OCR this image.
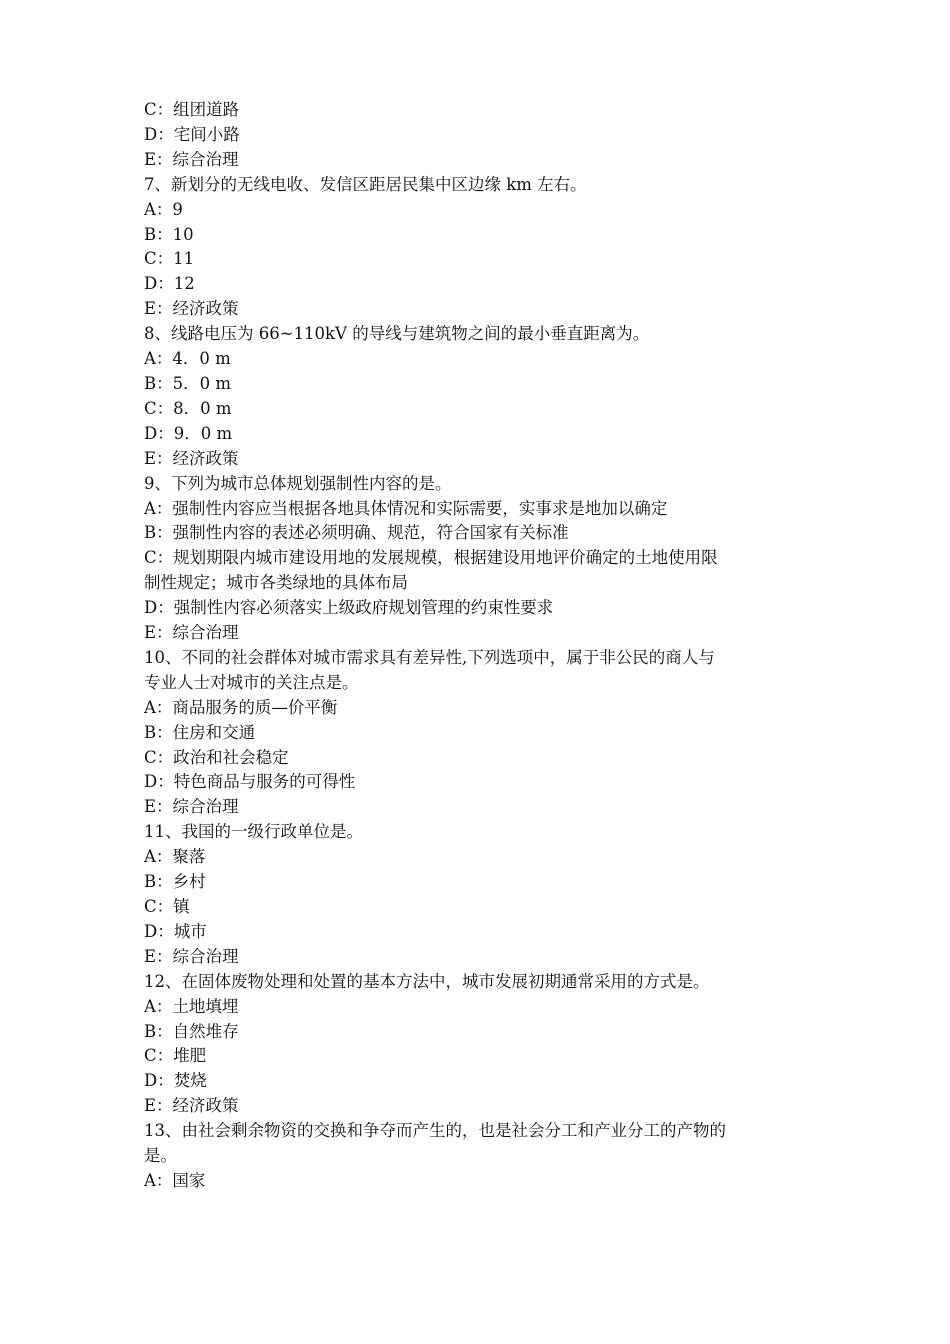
C：组团道路

D：宅间小路

E：综合治理

7、新划分的无线电收、发信区距居民集中区边缘 km 左右。

A：9

B：10

C：11

D：12

E：经济政策

8、线路电压为 66~110kV 的导线与建筑物之间的最小垂直距离为。

A：4．0 m

B：5．0 m

C：8．0 m

D：9．0 m

E：经济政策

9、下列为城市总体规划强制性内容的是。

A：强制性内容应当根据各地具体情况和实际需要，实事求是地加以确定

B：强制性内容的表述必须明确、规范，符合国家有关标准

C：规划期限内城市建设用地的发展规模，根据建设用地评价确定的土地使用限

制性规定；城市各类绿地的具体布局

D：强制性内容必须落实上级政府规划管理的约束性要求

E：综合治理

10、不同的社会群体对城市需求具有差异性,下列选项中，属于非公民的商人与

专业人士对城市的关注点是。

A：商品服务的质—价平衡

B：住房和交通

C：政治和社会稳定

D：特色商品与服务的可得性

E：综合治理

11、我国的一级行政单位是。

A：聚落

B：乡村

C：镇

D：城市

E：综合治理

12、在固体废物处理和处置的基本方法中，城市发展初期通常采用的方式是。

A：土地填埋

B：自然堆存

C：堆肥

D：焚烧

E：经济政策

13、由社会剩余物资的交换和争夺而产生的，也是社会分工和产业分工的产物的

是。

A：国家
